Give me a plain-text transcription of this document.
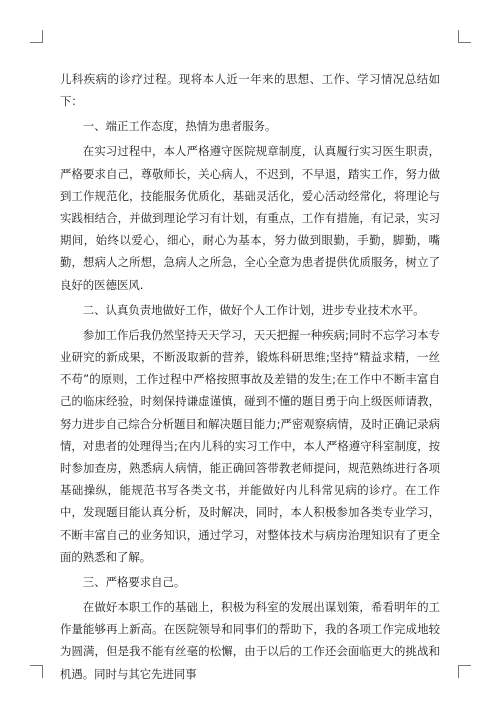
儿科疾病的诊疗过程。现将本人近一年来的思想、工作、学习情况总结如下：

一、端正工作态度，热情为患者服务。

在实习过程中，本人严格遵守医院规章制度，认真履行实习医生职责，严格要求自己，尊敬师长，关心病人，不迟到，不早退，踏实工作，努力做到工作规范化，技能服务优质化，基础灵活化，爱心活动经常化，将理论与实践相结合，并做到理论学习有计划，有重点，工作有措施，有记录，实习期间，始终以爱心，细心，耐心为基本，努力做到眼勤，手勤，脚勤，嘴勤，想病人之所想，急病人之所急，全心全意为患者提供优质服务，树立了良好的医德医风.

二、认真负责地做好工作，做好个人工作计划，进步专业技术水平。

参加工作后我仍然坚持天天学习，天天把握一种疾病;同时不忘学习本专业研究的新成果，不断汲取新的营养，锻炼科研思维;坚持“精益求精，一丝不苟”的原则，工作过程中严格按照事故及差错的发生;在工作中不断丰富自己的临床经验，时刻保持谦虚谨慎，碰到不懂的题目勇于向上级医师请教，努力进步自己综合分析题目和解决题目能力;严密观察病情，及时正确记录病情，对患者的处理得当;在内儿科的实习工作中，本人严格遵守科室制度，按时参加查房，熟悉病人病情，能正确回答带教老师提问，规范熟练进行各项基础操纵，能规范书写各类文书，并能做好内儿科常见病的诊疗。在工作中，发现题目能认真分析，及时解决，同时，本人积极参加各类专业学习，不断丰富自己的业务知识，通过学习，对整体技术与病房治理知识有了更全面的熟悉和了解。

三、严格要求自己。

在做好本职工作的基础上，积极为科室的发展出谋划策，希看明年的工作量能够再上新高。在医院领导和同事们的帮助下，我的各项工作完成地较为圆满，但是我不能有丝毫的松懈，由于以后的工作还会面临更大的挑战和机遇。同时与其它先进同事
